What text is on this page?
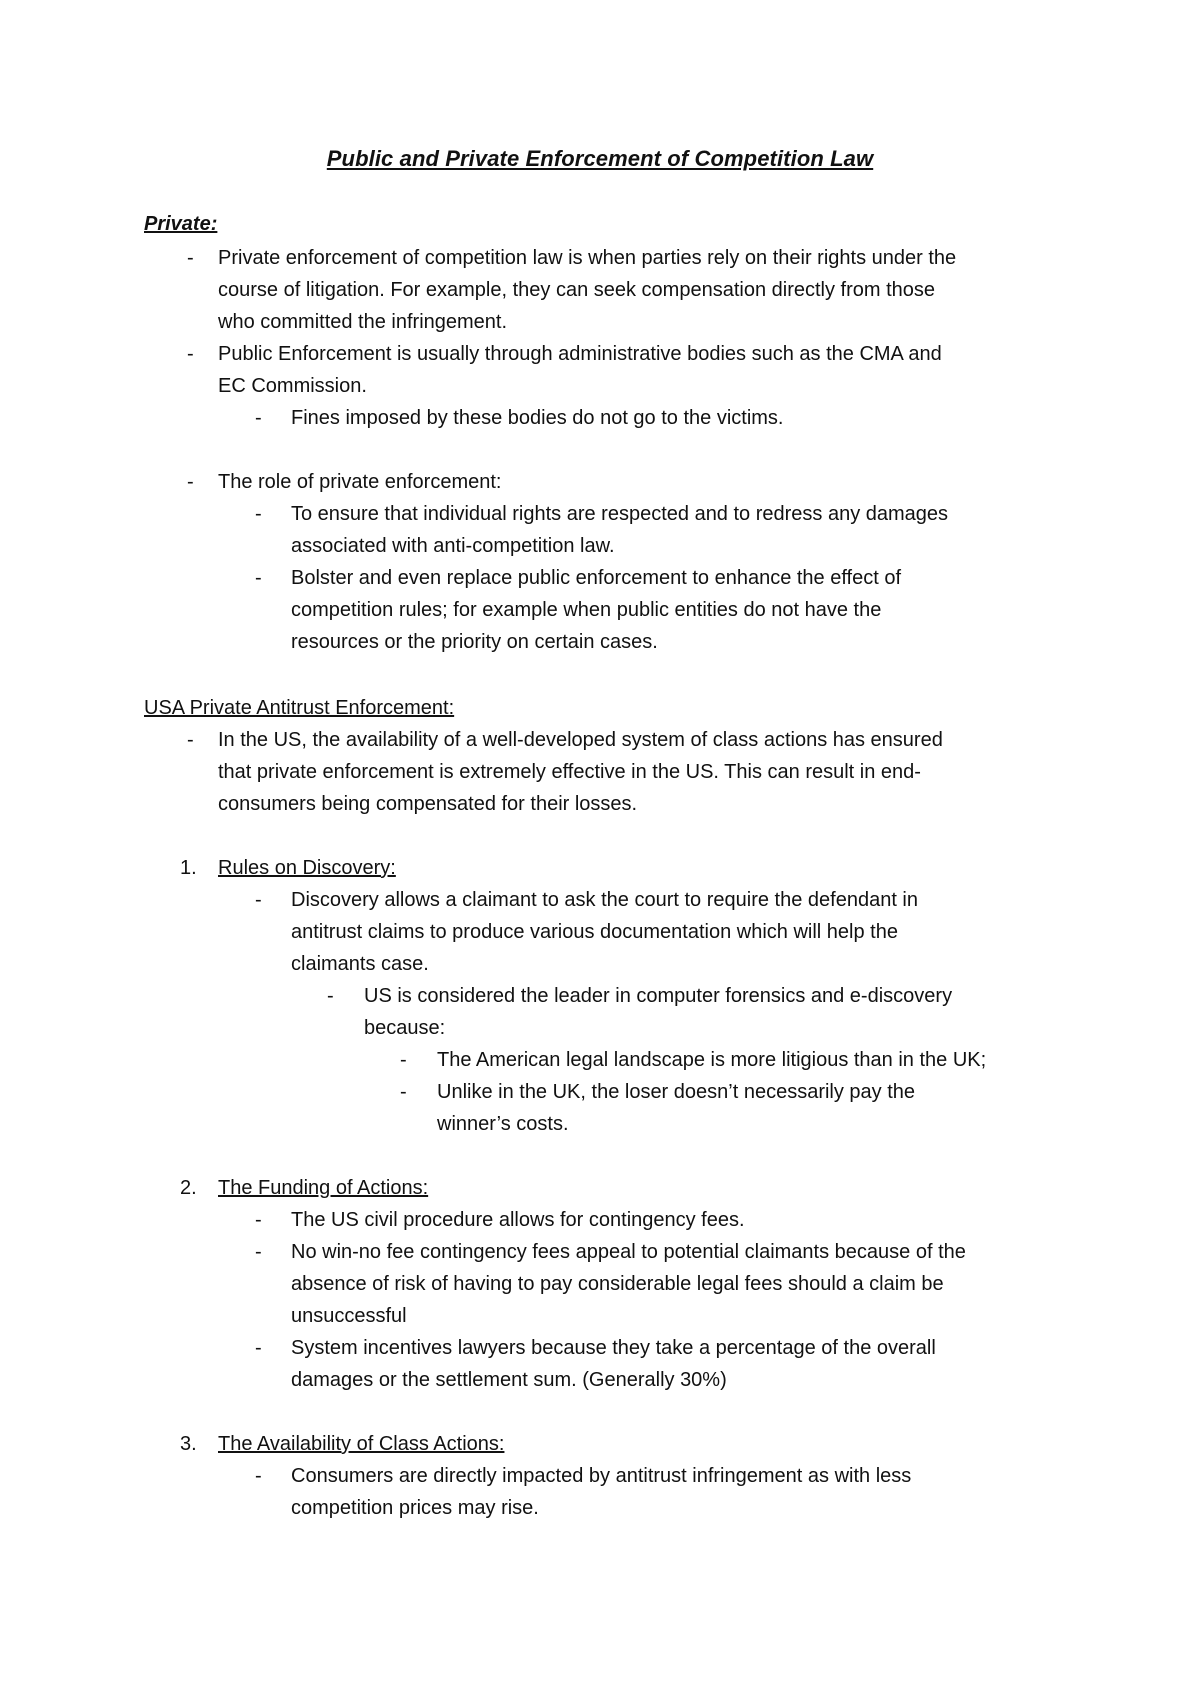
Public and Private Enforcement of Competition Law
Private:
- Private enforcement of competition law is when parties rely on their rights under the
course of litigation. For example, they can seek compensation directly from those
who committed the infringement.
- Public Enforcement is usually through administrative bodies such as the CMA and
EC Commission.
- Fines imposed by these bodies do not go to the victims.
- The role of private enforcement:
- To ensure that individual rights are respected and to redress any damages
associated with anti-competition law.
- Bolster and even replace public enforcement to enhance the effect of
competition rules; for example when public entities do not have the
resources or the priority on certain cases.
USA Private Antitrust Enforcement:
- In the US, the availability of a well-developed system of class actions has ensured
that private enforcement is extremely effective in the US. This can result in end-
consumers being compensated for their losses.
1. Rules on Discovery:
- Discovery allows a claimant to ask the court to require the defendant in
antitrust claims to produce various documentation which will help the
claimants case.
- US is considered the leader in computer forensics and e-discovery
because:
- The American legal landscape is more litigious than in the UK;
- Unlike in the UK, the loser doesn’t necessarily pay the
winner’s costs.
2. The Funding of Actions:
- The US civil procedure allows for contingency fees.
- No win-no fee contingency fees appeal to potential claimants because of the
absence of risk of having to pay considerable legal fees should a claim be
unsuccessful
- System incentives lawyers because they take a percentage of the overall
damages or the settlement sum. (Generally 30%)
3. The Availability of Class Actions:
- Consumers are directly impacted by antitrust infringement as with less
competition prices may rise.
